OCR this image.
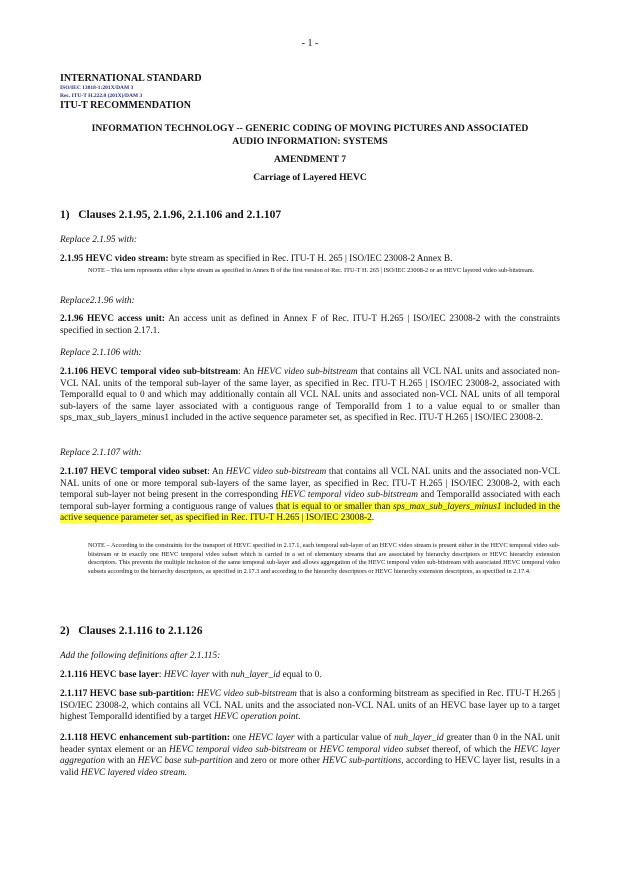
- 1 -
INTERNATIONAL STANDARD
ISO/IEC 13818-1:201X/DAM 3
Rec. ITU-T H.222.0 (201X)/DAM 3
ITU-T RECOMMENDATION
INFORMATION TECHNOLOGY -- GENERIC CODING OF MOVING PICTURES AND ASSOCIATED
AUDIO INFORMATION: SYSTEMS
AMENDMENT 7
Carriage of Layered HEVC
1)   Clauses 2.1.95, 2.1.96, 2.1.106 and 2.1.107
Replace 2.1.95 with:
2.1.95 HEVC video stream: byte stream as specified in Rec. ITU-T H. 265 | ISO/IEC 23008-2 Annex B.
NOTE – This term represents either a byte stream as specified in Annex B of the first version of Rec. ITU-T H. 265 | ISO/IEC 23008-2 or an HEVC layered video sub-bitstream.
Replace2.1.96 with:
2.1.96 HEVC access unit: An access unit as defined in Annex F of Rec. ITU-T H.265 | ISO/IEC 23008-2 with the constraints specified in section 2.17.1.
Replace 2.1.106 with:
2.1.106 HEVC temporal video sub-bitstream: An HEVC video sub-bitstream that contains all VCL NAL units and associated non-VCL NAL units of the temporal sub-layer of the same layer, as specified in Rec. ITU-T H.265 | ISO/IEC 23008-2, associated with TemporalId equal to 0 and which may additionally contain all VCL NAL units and associated non-VCL NAL units of all temporal sub-layers of the same layer associated with a contiguous range of TemporalId from 1 to a value equal to or smaller than sps_max_sub_layers_minus1 included in the active sequence parameter set, as specified in Rec. ITU-T H.265 | ISO/IEC 23008-2.
Replace 2.1.107 with:
2.1.107 HEVC temporal video subset: An HEVC video sub-bitstream that contains all VCL NAL units and the associated non-VCL NAL units of one or more temporal sub-layers of the same layer, as specified in Rec. ITU-T H.265 | ISO/IEC 23008-2, with each temporal sub-layer not being present in the corresponding HEVC temporal video sub-bitstream and TemporalId associated with each temporal sub-layer forming a contiguous range of values that is equal to or smaller than sps_max_sub_layers_minus1 included in the active sequence parameter set, as specified in Rec. ITU-T H.265 | ISO/IEC 23008-2.
NOTE – According to the constraints for the transport of HEVC specified in 2.17.1, each temporal sub-layer of an HEVC video stream is present either in the HEVC temporal video sub-bitstream or in exactly one HEVC temporal video subset which is carried in a set of elementary streams that are associated by hierarchy descriptors or HEVC hierarchy extension descriptors. This prevents the multiple inclusion of the same temporal sub-layer and allows aggregation of the HEVC temporal video sub-bitstream with associated HEVC temporal video subsets according to the hierarchy descriptors, as specified in 2.17.3 and according to the hierarchy descriptors or HEVC hierarchy extension descriptors, as specified in 2.17.4.
2)   Clauses 2.1.116 to 2.1.126
Add the following definitions after 2.1.115:
2.1.116 HEVC base layer: HEVC layer with nuh_layer_id equal to 0.
2.1.117 HEVC base sub-partition: HEVC video sub-bitstream that is also a conforming bitstream as specified in Rec. ITU-T H.265 | ISO/IEC 23008-2, which contains all VCL NAL units and the associated non-VCL NAL units of an HEVC base layer up to a target highest TemporalId identified by a target HEVC operation point.
2.1.118 HEVC enhancement sub-partition: one HEVC layer with a particular value of nuh_layer_id greater than 0 in the NAL unit header syntax element or an HEVC temporal video sub-bitstream or HEVC temporal video subset thereof, of which the HEVC layer aggregation with an HEVC base sub-partition and zero or more other HEVC sub-partitions, according to HEVC layer list, results in a valid HEVC layered video stream.
